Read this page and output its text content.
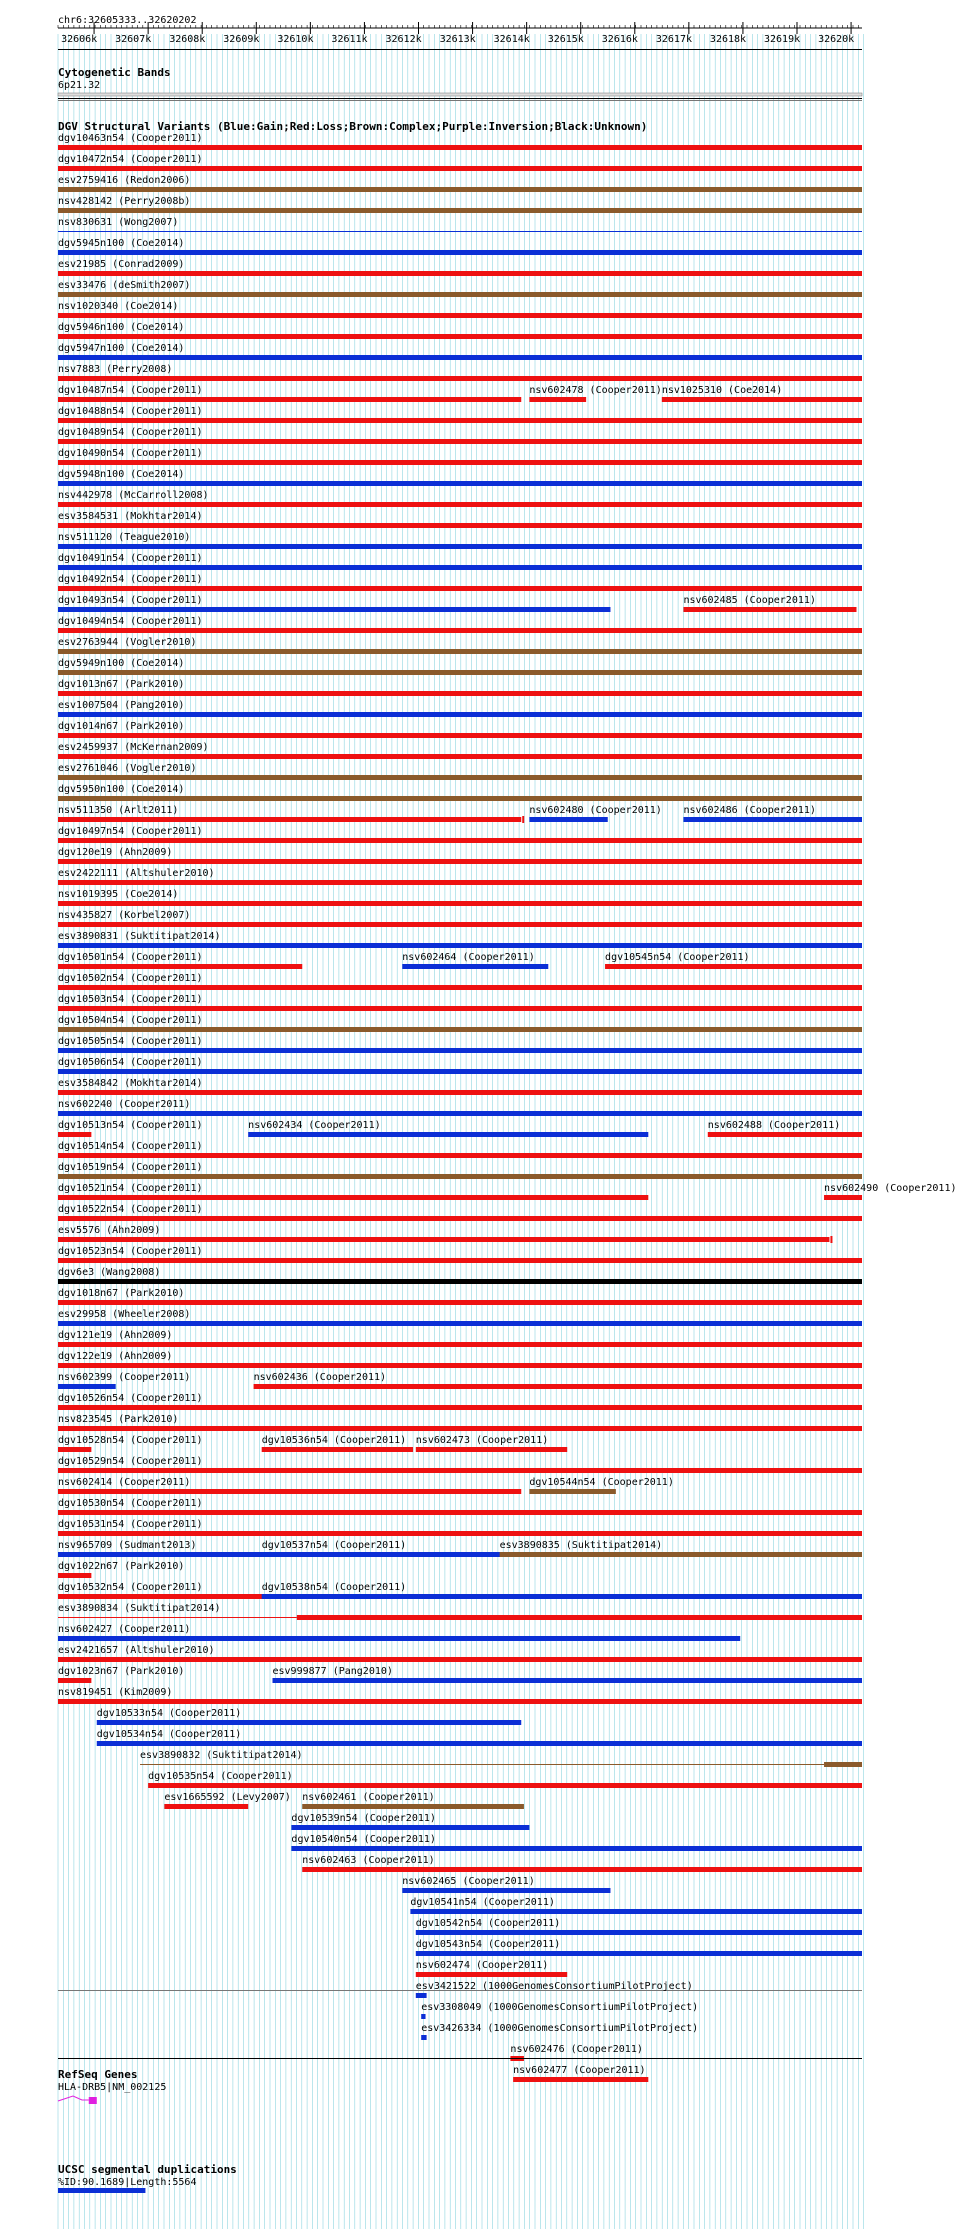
chr6:32605333..32620202
Cytogenetic Bands
6p21.32
DGV Structural Variants (Blue:Gain;Red:Loss;Brown:Complex;Purple:Inversion;Black:Unknown)
RefSeq Genes
HLA-DRB5|NM_002125
UCSC segmental duplications
%ID:90.1689|Length:5564
32606k 32607k 32608k 32609k 32610k 32611k 32612k 32613k 32614k 32615k 32616k 32617k 32618k 32619k 32620k
dgv10463n54 (Cooper2011)
dgv10472n54 (Cooper2011)
esv2759416 (Redon2006)
nsv428142 (Perry2008b)
nsv830631 (Wong2007)
dgv5945n100 (Coe2014)
esv21985 (Conrad2009)
esv33476 (deSmith2007)
nsv1020340 (Coe2014)
dgv5946n100 (Coe2014)
dgv5947n100 (Coe2014)
nsv7883 (Perry2008)
dgv10487n54 (Cooper2011)	nsv602478 (Cooper2011) nsv1025310 (Coe2014)
dgv10488n54 (Cooper2011)
dgv10489n54 (Cooper2011)
dgv10490n54 (Cooper2011)
dgv5948n100 (Coe2014)
nsv442978 (McCarroll2008)
esv3584531 (Mokhtar2014)
nsv511120 (Teague2010)
dgv10491n54 (Cooper2011)
dgv10492n54 (Cooper2011)
dgv10493n54 (Cooper2011)	nsv602485 (Cooper2011)
dgv10494n54 (Cooper2011)
esv2763944 (Vogler2010)
dgv5949n100 (Coe2014)
dgv1013n67 (Park2010)
esv1007504 (Pang2010)
dgv1014n67 (Park2010)
esv2459937 (McKernan2009)
esv2761046 (Vogler2010)
dgv5950n100 (Coe2014)
nsv511350 (Arlt2011)	nsv602480 (Cooper2011) nsv602486 (Cooper2011)
dgv10497n54 (Cooper2011)
dgv120e19 (Ahn2009)
esv2422111 (Altshuler2010)
nsv1019395 (Coe2014)
nsv435827 (Korbel2007)
esv3890831 (Suktitipat2014)
dgv10501n54 (Cooper2011)	nsv602464 (Cooper2011)	dgv10545n54 (Cooper2011)
dgv10502n54 (Cooper2011)
dgv10503n54 (Cooper2011)
dgv10504n54 (Cooper2011)
dgv10505n54 (Cooper2011)
dgv10506n54 (Cooper2011)
esv3584842 (Mokhtar2014)
nsv602240 (Cooper2011)
dgv10513n54 (Cooper2011)	nsv602434 (Cooper2011)	nsv602488 (Cooper2011)
dgv10514n54 (Cooper2011)
dgv10519n54 (Cooper2011)
dgv10521n54 (Cooper2011)	nsv602490 (Cooper2011)
dgv10522n54 (Cooper2011)
esv5576 (Ahn2009)
dgv10523n54 (Cooper2011)
dgv6e3 (Wang2008)
dgv1018n67 (Park2010)
esv29958 (Wheeler2008)
dgv121e19 (Ahn2009)
dgv122e19 (Ahn2009)
nsv602399 (Cooper2011)	nsv602436 (Cooper2011)
dgv10526n54 (Cooper2011)
nsv823545 (Park2010)
dgv10528n54 (Cooper2011)	dgv10536n54 (Cooper2011) nsv602473 (Cooper2011)
dgv10529n54 (Cooper2011)
nsv602414 (Cooper2011)	dgv10544n54 (Cooper2011)
dgv10530n54 (Cooper2011)
dgv10531n54 (Cooper2011)
nsv965709 (Sudmant2013)	dgv10537n54 (Cooper2011)	esv3890835 (Suktitipat2014)
dgv1022n67 (Park2010)
dgv10532n54 (Cooper2011)	dgv10538n54 (Cooper2011)
esv3890834 (Suktitipat2014)
nsv602427 (Cooper2011)
esv2421657 (Altshuler2010)
dgv1023n67 (Park2010)	esv999877 (Pang2010)
nsv819451 (Kim2009)
dgv10533n54 (Cooper2011)
dgv10534n54 (Cooper2011)
esv3890832 (Suktitipat2014)
dgv10535n54 (Cooper2011)
esv1665592 (Levy2007) nsv602461 (Cooper2011)
dgv10539n54 (Cooper2011)
dgv10540n54 (Cooper2011)
nsv602463 (Cooper2011)
nsv602465 (Cooper2011)
dgv10541n54 (Cooper2011)
dgv10542n54 (Cooper2011)
dgv10543n54 (Cooper2011)
nsv602474 (Cooper2011)
esv3421522 (1000GenomesConsortiumPilotProject)
esv3308049 (1000GenomesConsortiumPilotProject)
esv3426334 (1000GenomesConsortiumPilotProject)
nsv602476 (Cooper2011)
nsv602477 (Cooper2011)
